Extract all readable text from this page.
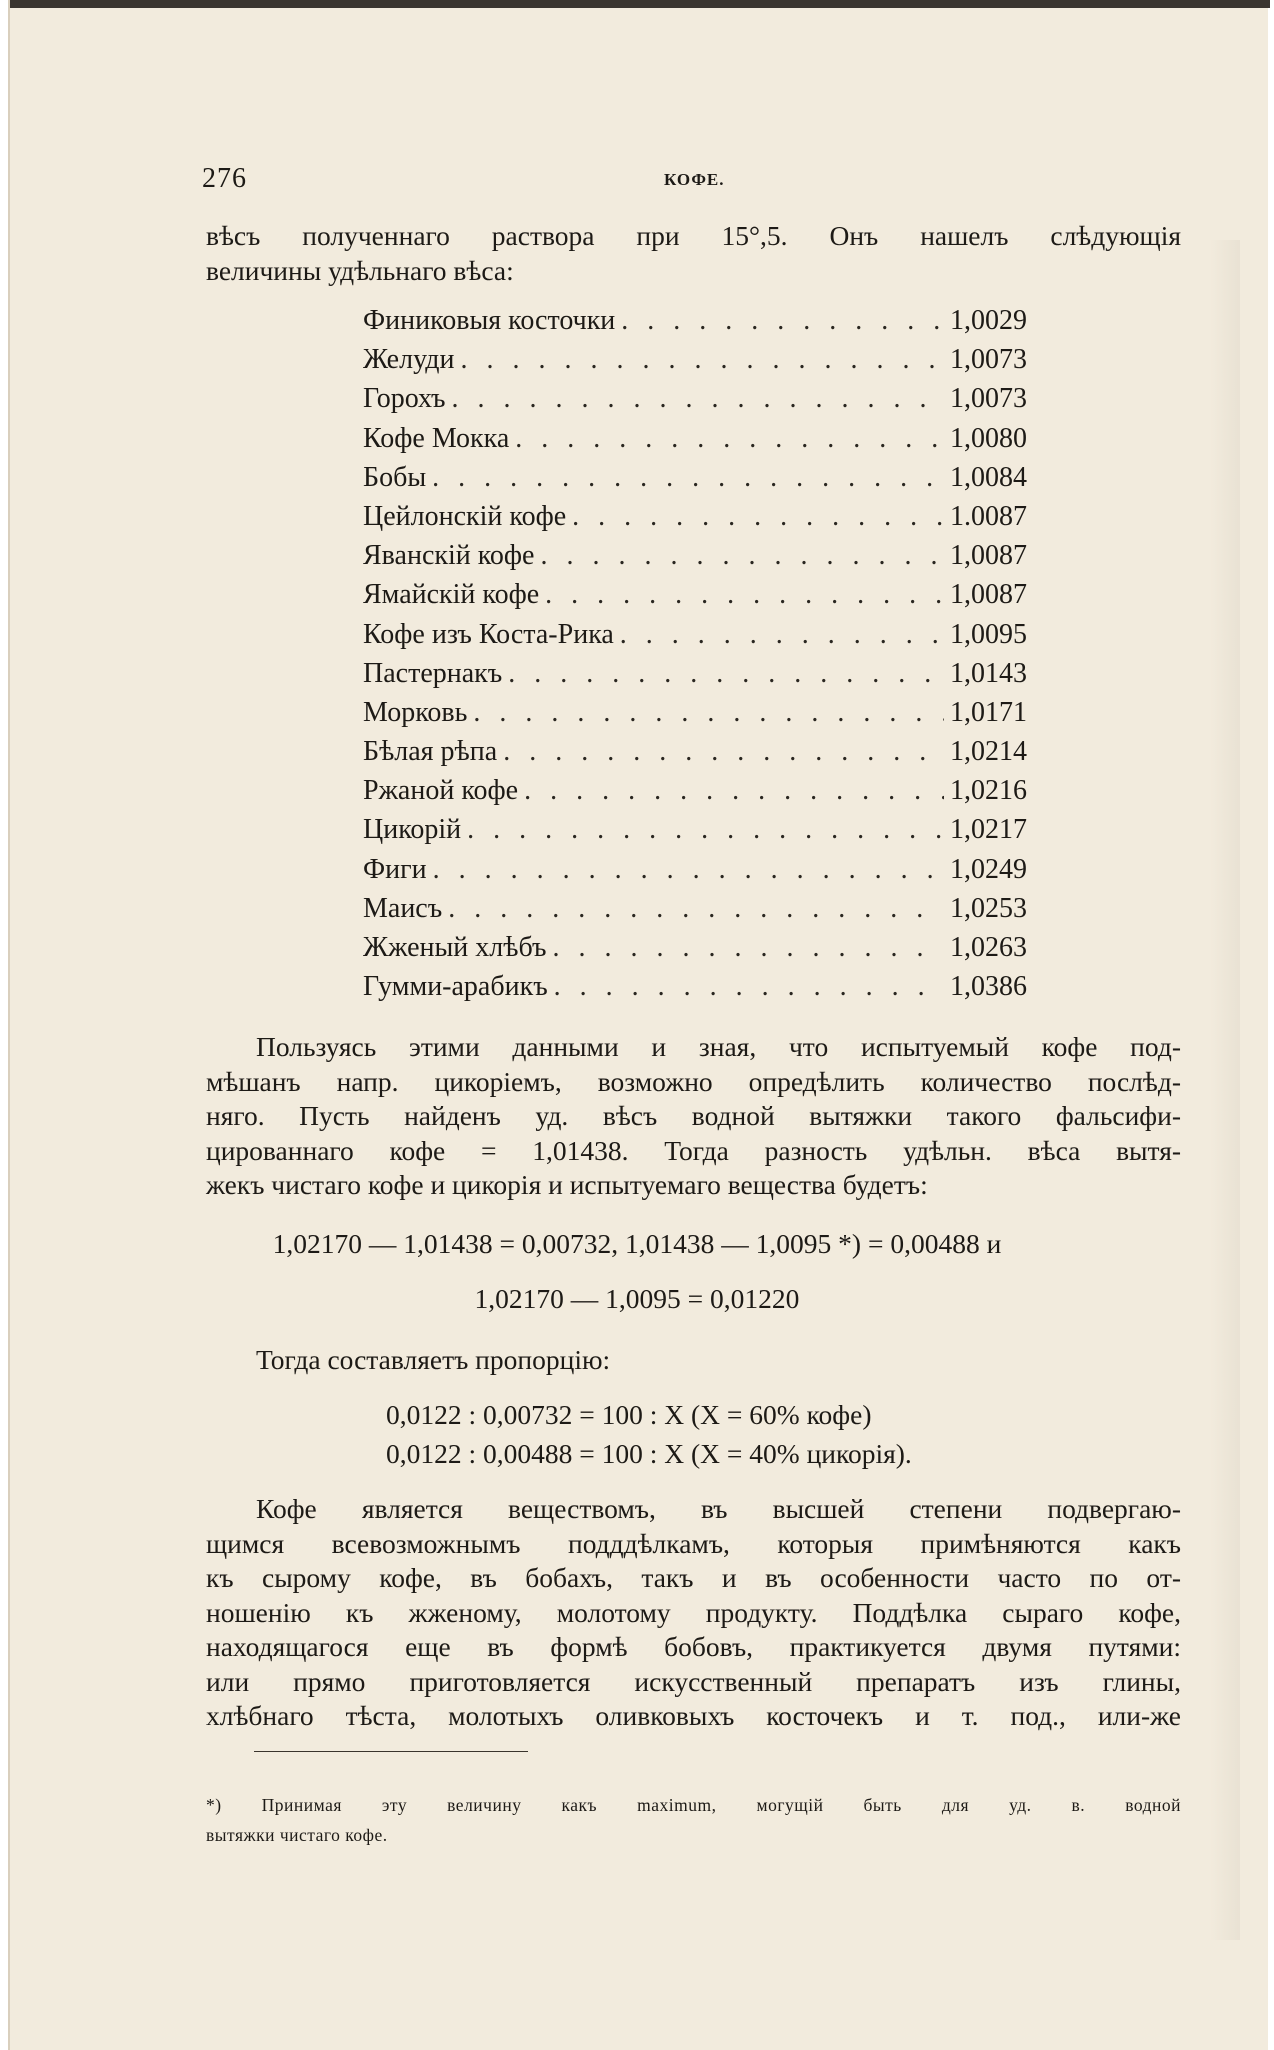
276	КОФЕ.
вѣсъ полученнаго раствора при 15°,5. Онъ нашелъ слѣдующія
величины удѣльнаго вѣса:
Финиковыя косточки . . .	1,0029
Желуди . . .	1,0073
Горохъ . . .	1,0073
Кофе Мокка . . .	1,0080
Бобы . . .	1,0084
Цейлонскій кофе . . .	1.0087
Яванскій кофе . . .	1,0087
Ямайскій кофе . . .	1,0087
Кофе изъ Коста-Рика . . .	1,0095
Пастернакъ . . .	1,0143
Морковь . . .	1,0171
Бѣлая рѣпа . . .	1,0214
Ржаной кофе . . .	1,0216
Цикорій . . .	1,0217
Фиги . . .	1,0249
Маисъ . . .	1,0253
Жженый хлѣбъ . . .	1,0263
Гумми-арабикъ . . .	1,0386
Пользуясь этими данными и зная, что испытуемый кофе под-
мѣшанъ напр. цикоріемъ, возможно опредѣлить количество послѣд-
няго. Пусть найденъ уд. вѣсъ водной вытяжки такого фальсифи-
цированнаго кофе = 1,01438. Тогда разность удѣльн. вѣса вытя-
жекъ чистаго кофе и цикорія и испытуемаго вещества будетъ:
1,02170 — 1,01438 = 0,00732, 1,01438 — 1,0095 *) = 0,00488 и
1,02170 — 1,0095 = 0,01220
Тогда составляетъ пропорцію:
0,0122 : 0,00732 = 100 : X (X = 60% кофе)
0,0122 : 0,00488 = 100 : X (X = 40% цикорія).
Кофе является веществомъ, въ высшей степени подвергаю-
щимся всевозможнымъ подддѣлкамъ, которыя примѣняются какъ
къ сырому кофе, въ бобахъ, такъ и въ особенности часто по от-
ношенію къ жженому, молотому продукту. Поддѣлка сыраго кофе,
находящагося еще въ формѣ бобовъ, практикуется двумя путями:
или прямо приготовляется искусственный препаратъ изъ глины,
хлѣбнаго тѣста, молотыхъ оливковыхъ косточекъ и т. под., или-же
*) Принимая эту величину какъ maximum, могущій быть для уд. в. водной
вытяжки чистаго кофе.
